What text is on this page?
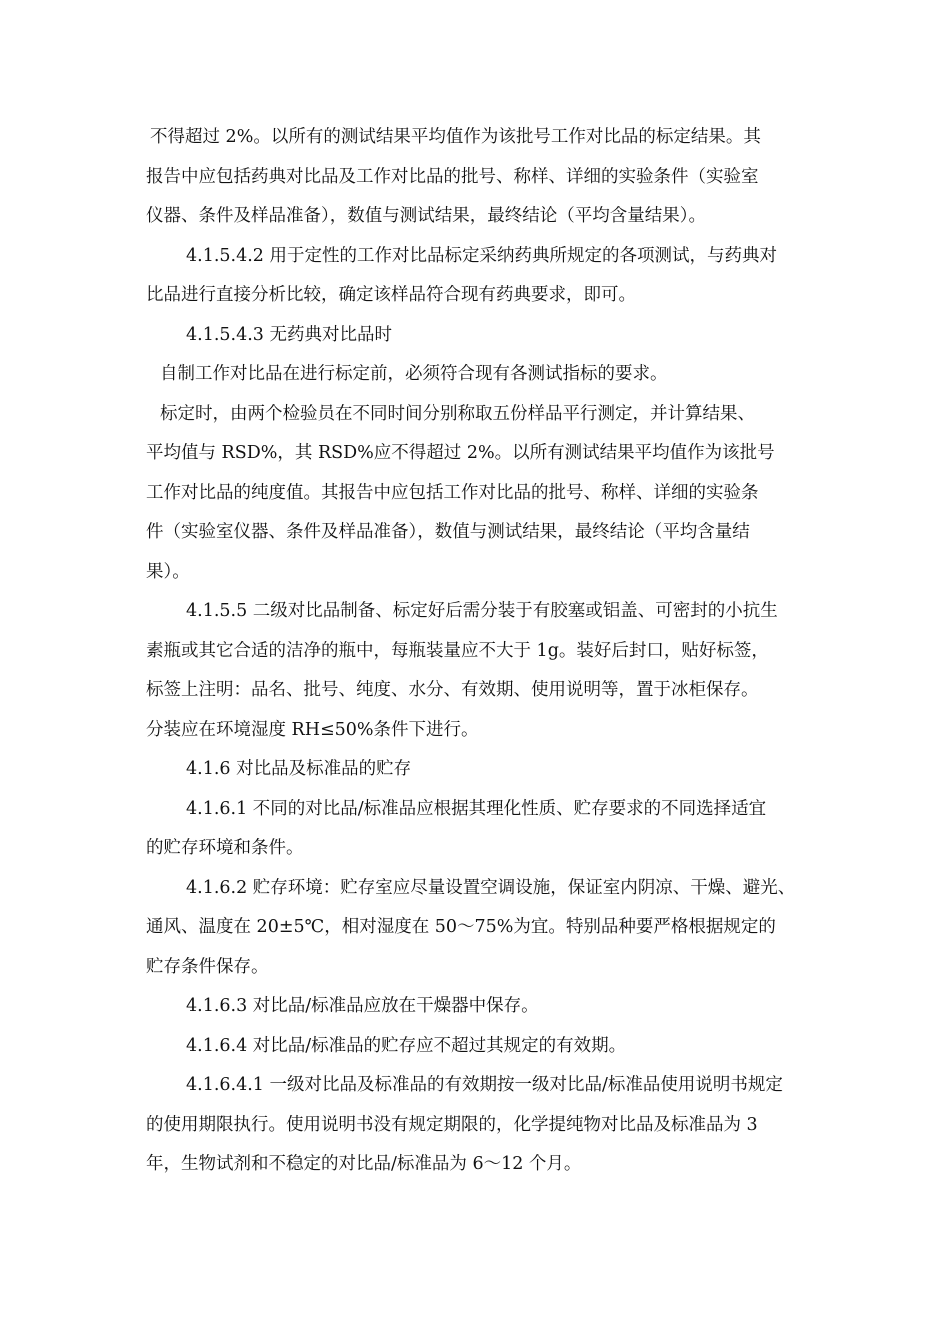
不得超过 2%。以所有的测试结果平均值作为该批号工作对比品的标定结果。其
报告中应包括药典对比品及工作对比品的批号、称样、详细的实验条件（实验室
仪器、条件及样品准备），数值与测试结果，最终结论（平均含量结果）。

4.1.5.4.2 用于定性的工作对比品标定采纳药典所规定的各项测试，与药典对
比品进行直接分析比较，确定该样品符合现有药典要求，即可。

4.1.5.4.3 无药典对比品时

自制工作对比品在进行标定前，必须符合现有各测试指标的要求。

标定时，由两个检验员在不同时间分别称取五份样品平行测定，并计算结果、
平均值与 RSD%，其 RSD%应不得超过 2%。以所有测试结果平均值作为该批号
工作对比品的纯度值。其报告中应包括工作对比品的批号、称样、详细的实验条
件（实验室仪器、条件及样品准备），数值与测试结果，最终结论（平均含量结
果）。

4.1.5.5 二级对比品制备、标定好后需分装于有胶塞或铝盖、可密封的小抗生
素瓶或其它合适的洁净的瓶中，每瓶装量应不大于 1g。装好后封口，贴好标签，
标签上注明：品名、批号、纯度、水分、有效期、使用说明等，置于冰柜保存。
分装应在环境湿度 RH≤50%条件下进行。

4.1.6 对比品及标准品的贮存

4.1.6.1 不同的对比品/标准品应根据其理化性质、贮存要求的不同选择适宜
的贮存环境和条件。

4.1.6.2 贮存环境：贮存室应尽量设置空调设施，保证室内阴凉、干燥、避光、
通风、温度在 20±5℃，相对湿度在 50～75%为宜。特别品种要严格根据规定的
贮存条件保存。

4.1.6.3 对比品/标准品应放在干燥器中保存。

4.1.6.4 对比品/标准品的贮存应不超过其规定的有效期。

4.1.6.4.1 一级对比品及标准品的有效期按一级对比品/标准品使用说明书规定
的使用期限执行。使用说明书没有规定期限的，化学提纯物对比品及标准品为 3
年，生物试剂和不稳定的对比品/标准品为 6～12 个月。
